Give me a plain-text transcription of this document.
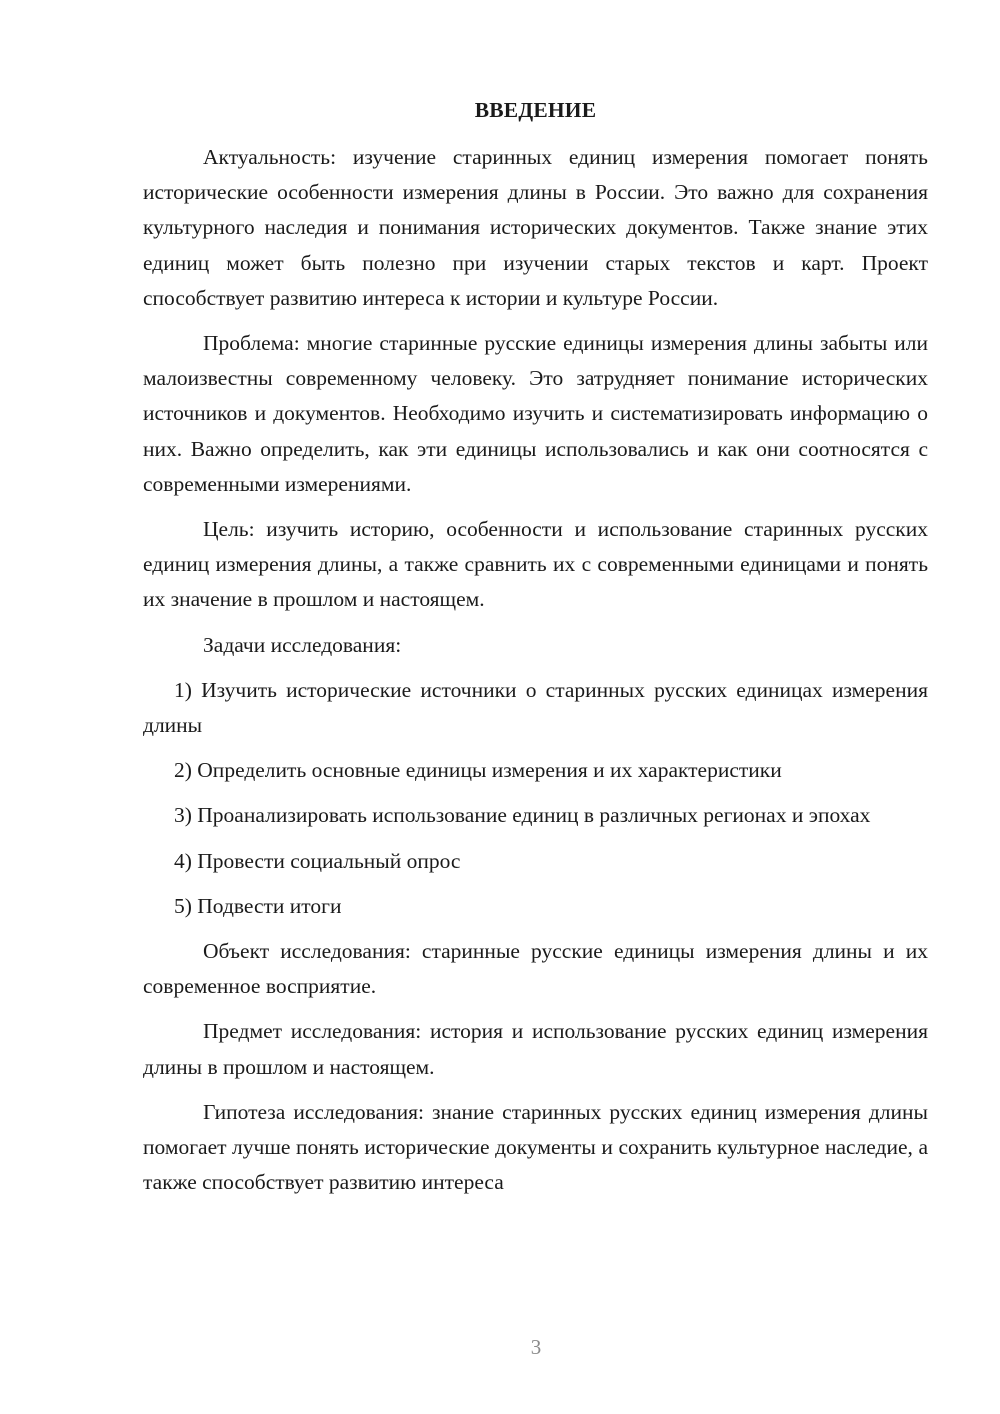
ВВЕДЕНИЕ

Актуальность: изучение старинных единиц измерения помогает понять исторические особенности измерения длины в России. Это важно для сохранения культурного наследия и понимания исторических документов. Также знание этих единиц может быть полезно при изучении старых текстов и карт. Проект способствует развитию интереса к истории и культуре России.

Проблема: многие старинные русские единицы измерения длины забыты или малоизвестны современному человеку. Это затрудняет понимание исторических источников и документов. Необходимо изучить и систематизировать информацию о них. Важно определить, как эти единицы использовались и как они соотносятся с современными измерениями.

Цель: изучить историю, особенности и использование старинных русских единиц измерения длины, а также сравнить их с современными единицами и понять их значение в прошлом и настоящем.

Задачи исследования:

1) Изучить исторические источники о старинных русских единицах измерения длины

2) Определить основные единицы измерения и их характеристики

3) Проанализировать использование единиц в различных регионах и эпохах

4) Провести социальный опрос

5) Подвести итоги

Объект исследования: старинные русские единицы измерения длины и их современное восприятие.

Предмет исследования: история и использование русских единиц измерения длины в прошлом и настоящем.

Гипотеза исследования: знание старинных русских единиц измерения длины помогает лучше понять исторические документы и сохранить культурное наследие, а также способствует развитию интереса

3
